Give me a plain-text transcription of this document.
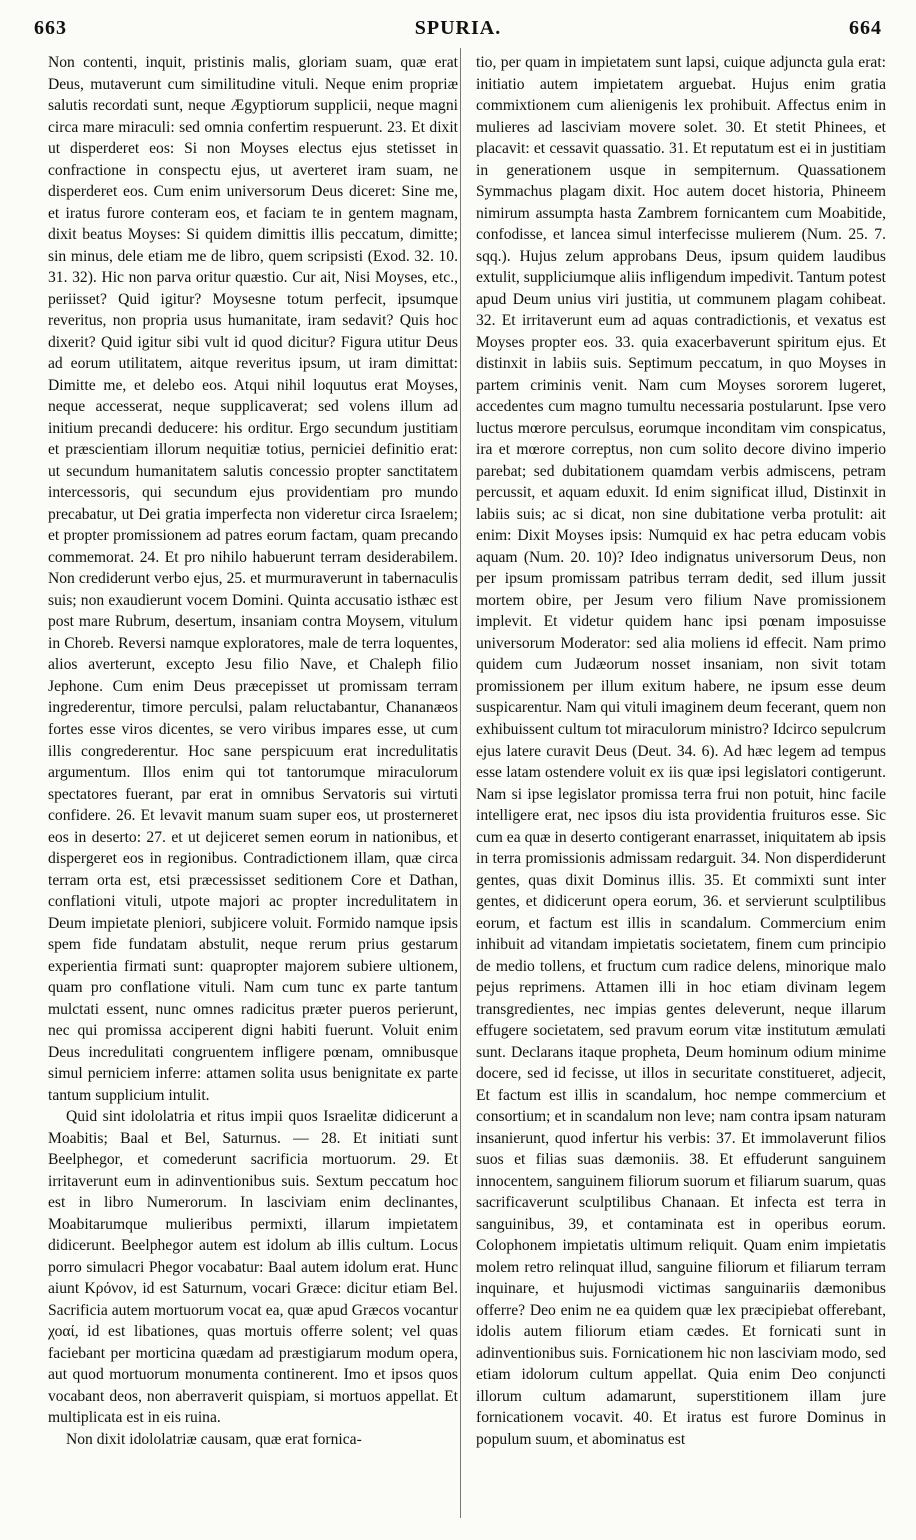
663	SPURIA.	664

Non contenti, inquit, pristinis malis, gloriam suam, quæ erat Deus, mutaverunt cum similitudine vituli. Neque enim propriæ salutis recordati sunt, neque Ægyptiorum supplicii, neque magni circa mare miraculi: sed omnia confertim respuerunt. 23. Et dixit ut disperderet eos: Si non Moyses electus ejus stetisset in confractione in conspectu ejus, ut averteret iram suam, ne disperderet eos. Cum enim universorum Deus diceret: Sine me, et iratus furore conteram eos, et faciam te in gentem magnam, dixit beatus Moyses: Si quidem dimittis illis peccatum, dimitte; sin minus, dele etiam me de libro, quem scripsisti (Exod. 32. 10. 31. 32). Hic non parva oritur quæstio. Cur ait, Nisi Moyses, etc., periisset? Quid igitur? Moysesne totum perfecit, ipsumque reveritus, non propria usus humanitate, iram sedavit? Quis hoc dixerit? Quid igitur sibi vult id quod dicitur? Figura utitur Deus ad eorum utilitatem, aitque reveritus ipsum, ut iram dimittat: Dimitte me, et delebo eos. Atqui nihil loquutus erat Moyses, neque accesserat, neque supplicaverat; sed volens illum ad initium precandi deducere: his orditur. Ergo secundum justitiam et præscientiam illorum nequitiæ totius, perniciei definitio erat: ut secundum humanitatem salutis concessio propter sanctitatem intercessoris, qui secundum ejus providentiam pro mundo precabatur, ut Dei gratia imperfecta non videretur circa Israelem; et propter promissionem ad patres eorum factam, quam precando commemorat. 24. Et pro nihilo habuerunt terram desiderabilem. Non crediderunt verbo ejus, 25. et murmuraverunt in tabernaculis suis; non exaudierunt vocem Domini. Quinta accusatio isthæc est post mare Rubrum, desertum, insaniam contra Moysem, vitulum in Choreb. Reversi namque exploratores, male de terra loquentes, alios averterunt, excepto Jesu filio Nave, et Chaleph filio Jephone. Cum enim Deus præcepisset ut promissam terram ingrederentur, timore perculsi, palam reluctabantur, Chananæos fortes esse viros dicentes, se vero viribus impares esse, ut cum illis congrederentur. Hoc sane perspicuum erat incredulitatis argumentum. Illos enim qui tot tantorumque miraculorum spectatores fuerant, par erat in omnibus Servatoris sui virtuti confidere. 26. Et levavit manum suam super eos, ut prosterneret eos in deserto: 27. et ut dejiceret semen eorum in nationibus, et dispergeret eos in regionibus. Contradictionem illam, quæ circa terram orta est, etsi præcessisset seditionem Core et Dathan, conflationi vituli, utpote majori ac propter incredulitatem in Deum impietate pleniori, subjicere voluit. Formido namque ipsis spem fide fundatam abstulit, neque rerum prius gestarum experientia firmati sunt: quapropter majorem subiere ultionem, quam pro conflatione vituli. Nam cum tunc ex parte tantum mulctati essent, nunc omnes radicitus præter pueros perierunt, nec qui promissa acciperent digni habiti fuerunt. Voluit enim Deus incredulitati congruentem infligere pœnam, omnibusque simul perniciem inferre: attamen solita usus benignitate ex parte tantum supplicium intulit.

Quid sint idololatria et ritus impii quos Israelitæ didicerunt a Moabitis; Baal et Bel, Saturnus. — 28. Et initiati sunt Beelphegor, et comederunt sacrificia mortuorum. 29. Et irritaverunt eum in adinventionibus suis. Sextum peccatum hoc est in libro Numerorum. In lasciviam enim declinantes, Moabitarumque mulieribus permixti, illarum impietatem didicerunt. Beelphegor autem est idolum ab illis cultum. Locus porro simulacri Phegor vocabatur: Baal autem idolum erat. Hunc aiunt Κρόνον, id est Saturnum, vocari Græce: dicitur etiam Bel. Sacrificia autem mortuorum vocat ea, quæ apud Græcos vocantur χοαί, id est libationes, quas mortuis offerre solent; vel quas faciebant per morticina quædam ad præstigiarum modum opera, aut quod mortuorum monumenta continerent. Imo et ipsos quos vocabant deos, non aberraverit quispiam, si mortuos appellat. Et multiplicata est in eis ruina.

Non dixit idololatriæ causam, quæ erat fornica-

tio, per quam in impietatem sunt lapsi, cuique adjuncta gula erat: initiatio autem impietatem arguebat. Hujus enim gratia commixtionem cum alienigenis lex prohibuit. Affectus enim in mulieres ad lasciviam movere solet. 30. Et stetit Phinees, et placavit: et cessavit quassatio. 31. Et reputatum est ei in justitiam in generationem usque in sempiternum. Quassationem Symmachus plagam dixit. Hoc autem docet historia, Phineem nimirum assumpta hasta Zambrem fornicantem cum Moabitide, confodisse, et lancea simul interfecisse mulierem (Num. 25. 7. sqq.). Hujus zelum approbans Deus, ipsum quidem laudibus extulit, suppliciumque aliis infligendum impedivit. Tantum potest apud Deum unius viri justitia, ut communem plagam cohibeat. 32. Et irritaverunt eum ad aquas contradictionis, et vexatus est Moyses propter eos. 33. quia exacerbaverunt spiritum ejus. Et distinxit in labiis suis. Septimum peccatum, in quo Moyses in partem criminis venit. Nam cum Moyses sororem lugeret, accedentes cum magno tumultu necessaria postularunt. Ipse vero luctus mœrore perculsus, eorumque inconditam vim conspicatus, ira et mœrore correptus, non cum solito decore divino imperio parebat; sed dubitationem quamdam verbis admiscens, petram percussit, et aquam eduxit. Id enim significat illud, Distinxit in labiis suis; ac si dicat, non sine dubitatione verba protulit: ait enim: Dixit Moyses ipsis: Numquid ex hac petra educam vobis aquam (Num. 20. 10)? Ideo indignatus universorum Deus, non per ipsum promissam patribus terram dedit, sed illum jussit mortem obire, per Jesum vero filium Nave promissionem implevit. Et videtur quidem hanc ipsi pœnam imposuisse universorum Moderator: sed alia moliens id effecit. Nam primo quidem cum Judæorum nosset insaniam, non sivit totam promissionem per illum exitum habere, ne ipsum esse deum suspicarentur. Nam qui vituli imaginem deum fecerant, quem non exhibuissent cultum tot miraculorum ministro? Idcirco sepulcrum ejus latere curavit Deus (Deut. 34. 6). Ad hæc legem ad tempus esse latam ostendere voluit ex iis quæ ipsi legislatori contigerunt. Nam si ipse legislator promissa terra frui non potuit, hinc facile intelligere erat, nec ipsos diu ista providentia fruituros esse. Sic cum ea quæ in deserto contigerant enarrasset, iniquitatem ab ipsis in terra promissionis admissam redarguit. 34. Non disperdiderunt gentes, quas dixit Dominus illis. 35. Et commixti sunt inter gentes, et didicerunt opera eorum, 36. et servierunt sculptilibus eorum, et factum est illis in scandalum. Commercium enim inhibuit ad vitandam impietatis societatem, finem cum principio de medio tollens, et fructum cum radice delens, minorique malo pejus reprimens. Attamen illi in hoc etiam divinam legem transgredientes, nec impias gentes deleverunt, neque illarum effugere societatem, sed pravum eorum vitæ institutum æmulati sunt. Declarans itaque propheta, Deum hominum odium minime docere, sed id fecisse, ut illos in securitate constitueret, adjecit, Et factum est illis in scandalum, hoc nempe commercium et consortium; et in scandalum non leve; nam contra ipsam naturam insanierunt, quod infertur his verbis: 37. Et immolaverunt filios suos et filias suas dæmoniis. 38. Et effuderunt sanguinem innocentem, sanguinem filiorum suorum et filiarum suarum, quas sacrificaverunt sculptilibus Chanaan. Et infecta est terra in sanguinibus, 39, et contaminata est in operibus eorum. Colophonem impietatis ultimum reliquit. Quam enim impietatis molem retro relinquat illud, sanguine filiorum et filiarum terram inquinare, et hujusmodi victimas sanguinariis dæmonibus offerre? Deo enim ne ea quidem quæ lex præcipiebat offerebant, idolis autem filiorum etiam cædes. Et fornicati sunt in adinventionibus suis. Fornicationem hic non lasciviam modo, sed etiam idolorum cultum appellat. Quia enim Deo conjuncti illorum cultum adamarunt, superstitionem illam jure fornicationem vocavit. 40. Et iratus est furore Dominus in populum suum, et abominatus est
